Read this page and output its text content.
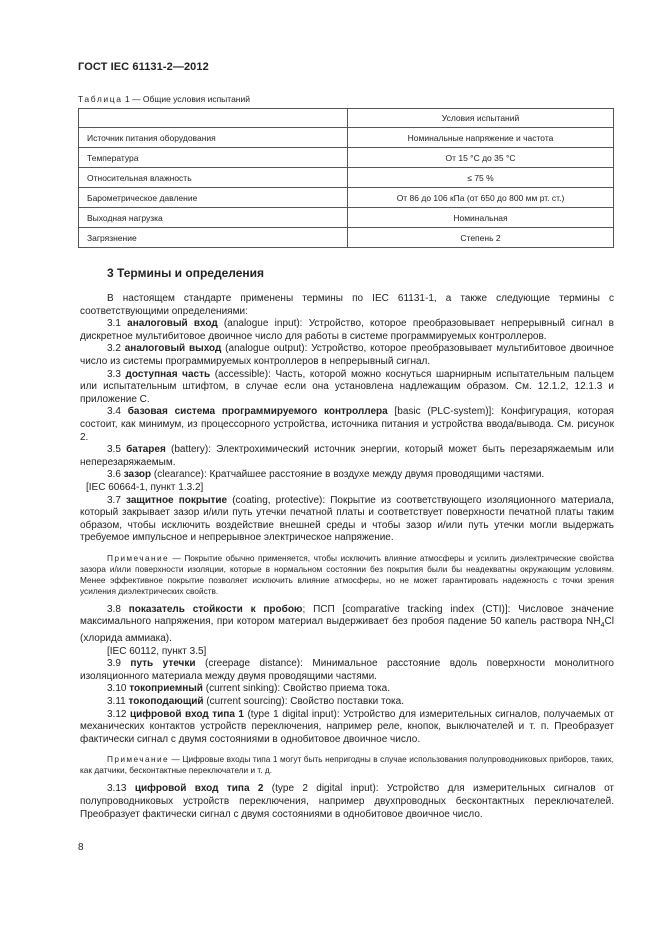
ГОСТ IEC 61131-2—2012
Таблица 1 — Общие условия испытаний
	Условия испытаний
Источник питания оборудования	Номинальные напряжение и частота
Температура	От 15 °С до 35 °С
Относительная влажность	≤ 75 %
Барометрическое давление	От 86 до 106 кПа (от 650 до 800 мм рт. ст.)
Выходная нагрузка	Номинальная
Загрязнение	Степень 2
3 Термины и определения

В настоящем стандарте применены термины по IEC 61131-1, а также следующие термины с соответствующими определениями:

3.1 аналоговый вход (analogue input): Устройство, которое преобразовывает непрерывный сигнал в дискретное мультибитовое двоичное число для работы в системе программируемых контроллеров.

3.2 аналоговый выход (analogue output): Устройство, которое преобразовывает мультибитовое двоичное число из системы программируемых контроллеров в непрерывный сигнал.

3.3 доступная часть (accessible): Часть, которой можно коснуться шарнирным испытательным пальцем или испытательным штифтом, в случае если она установлена надлежащим образом. См. 12.1.2, 12.1.3 и приложение С.

3.4 базовая система программируемого контроллера [basic (PLC-system)]: Конфигурация, которая состоит, как минимум, из процессорного устройства, источника питания и устройства ввода/вывода. См. рисунок 2.

3.5 батарея (battery): Электрохимический источник энергии, который может быть перезаряжаемым или неперезаряжаемым.

3.6 зазор (clearance): Кратчайшее расстояние в воздухе между двумя проводящими частями.

[IEC 60664-1, пункт 1.3.2]

3.7 защитное покрытие (coating, protective): Покрытие из соответствующего изоляционного материала, который закрывает зазор и/или путь утечки печатной платы и соответствует поверхности печатной платы таким образом, чтобы исключить воздействие внешней среды и чтобы зазор и/или путь утечки могли выдержать требуемое импульсное и непрерывное электрическое напряжение.

Примечание — Покрытие обычно применяется, чтобы исключить влияние атмосферы и усилить диэлектрические свойства зазора и/или поверхности изоляции, которые в нормальном состоянии без покрытия были бы неадекватны окружающим условиям. Менее эффективное покрытие позволяет исключить влияние атмосферы, но не может гарантировать надежность с точки зрения усиления диэлектрических свойств.

3.8 показатель стойкости к пробою; ПСП [comparative tracking index (CTI)]: Числовое значение максимального напряжения, при котором материал выдерживает без пробоя падение 50 капель раствора $NH_4Cl$ (хлорида аммиака).

[IEC 60112, пункт 3.5]

3.9 путь утечки (creepage distance): Минимальное расстояние вдоль поверхности монолитного изоляционного материала между двумя проводящими частями.

3.10 токоприемный (current sinking): Свойство приема тока.

3.11 токоподающий (current sourcing): Свойство поставки тока.

3.12 цифровой вход типа 1 (type 1 digital input): Устройство для измерительных сигналов, получаемых от механических контактов устройств переключения, например реле, кнопок, выключателей и т. п. Преобразует фактически сигнал с двумя состояниями в однобитовое двоичное число.

Примечание — Цифровые входы типа 1 могут быть непригодны в случае использования полупроводниковых приборов, таких, как датчики, бесконтактные переключатели и т. д.

3.13 цифровой вход типа 2 (type 2 digital input): Устройство для измерительных сигналов от полупроводниковых устройств переключения, например двухпроводных бесконтактных переключателей. Преобразует фактически сигнал с двумя состояниями в однобитовое двоичное число.

8
